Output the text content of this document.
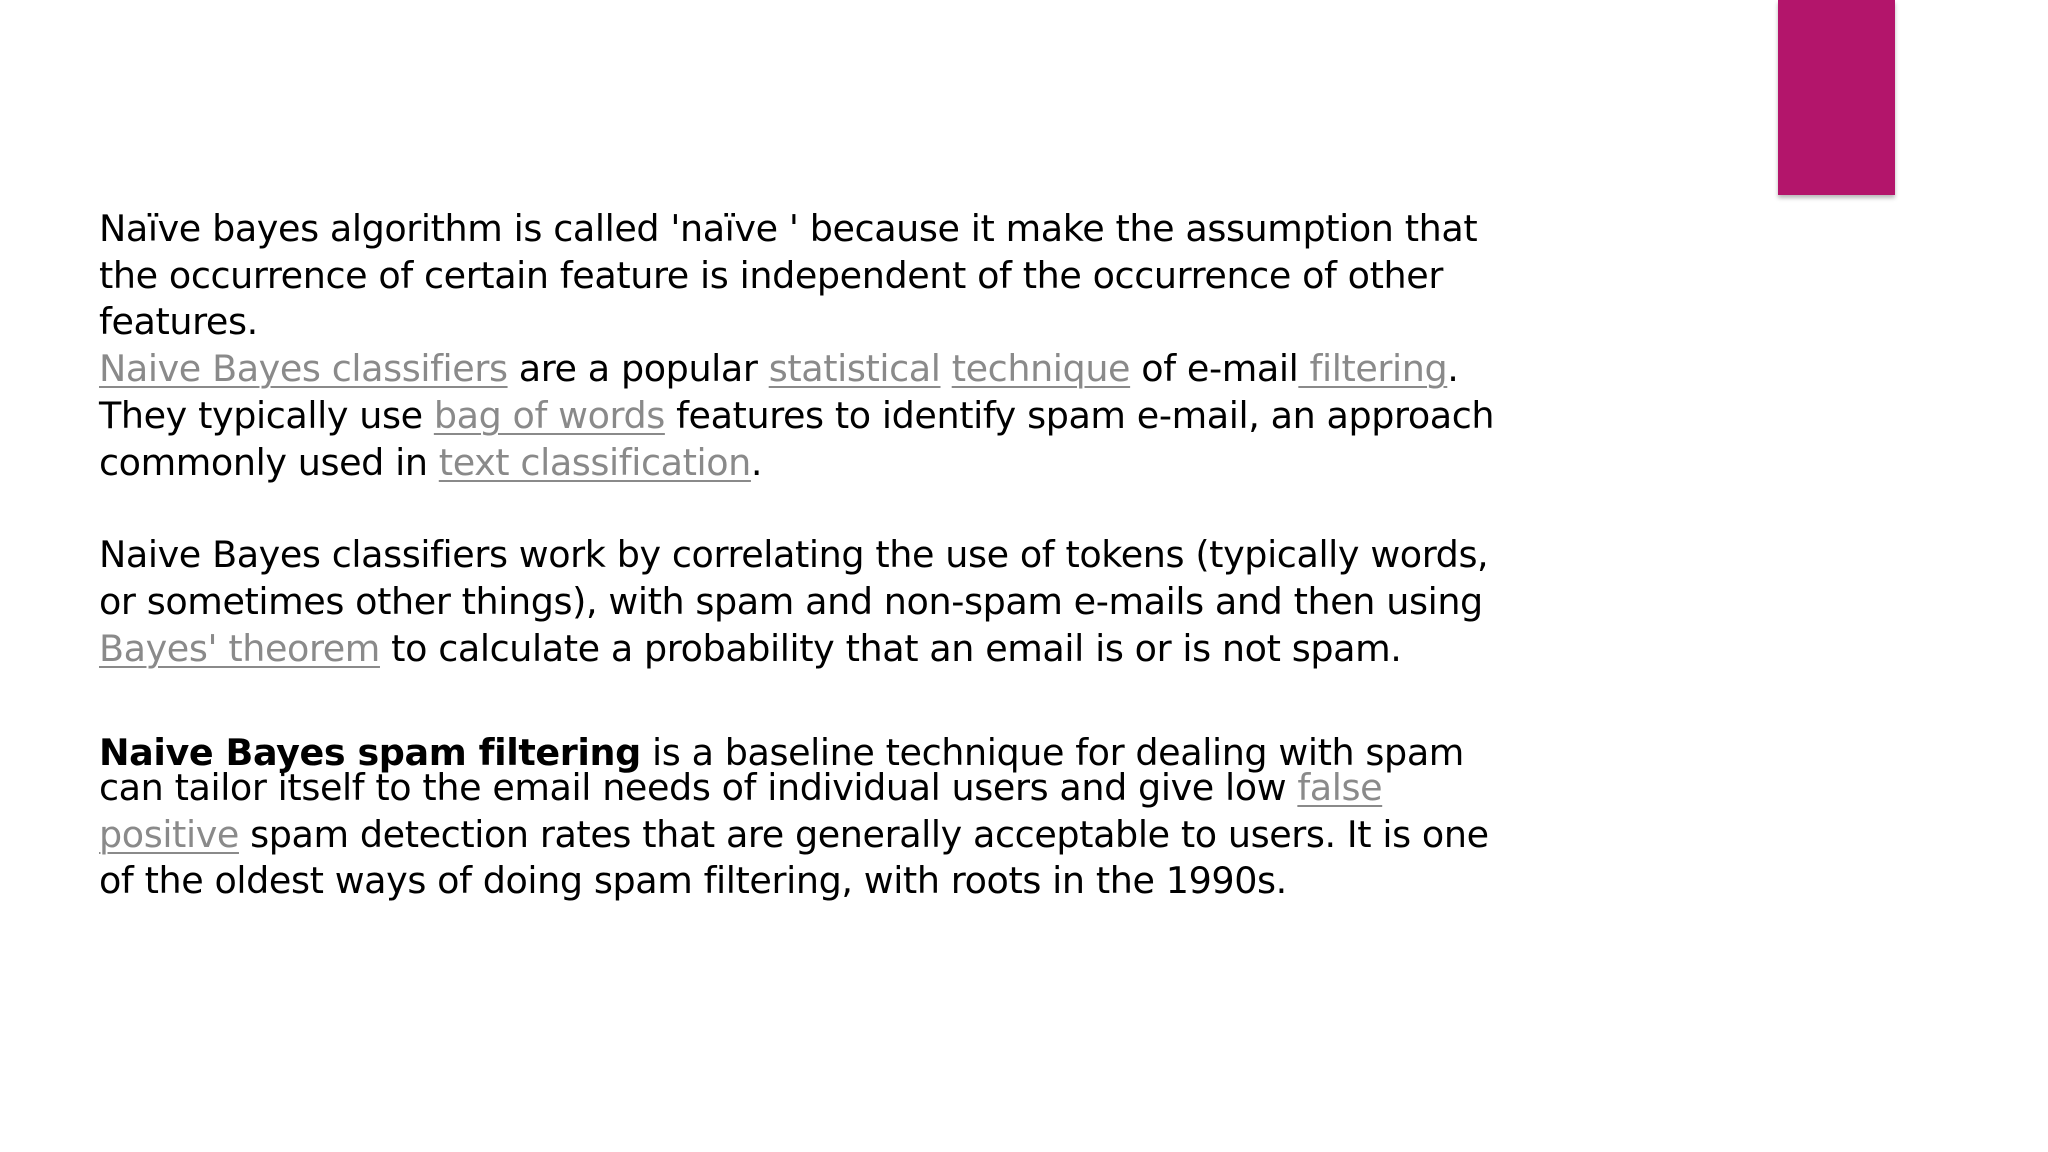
Naïve bayes algorithm is called 'naïve ' because it make the assumption that
the occurrence of certain feature is independent of the occurrence of other
features.

Naive Bayes classifiers are a popular statistical technique of e-mail filtering.
They typically use bag of words features to identify spam e-mail, an approach
commonly used in text classification.

Naive Bayes classifiers work by correlating the use of tokens (typically words,
or sometimes other things), with spam and non-spam e-mails and then using
Bayes' theorem to calculate a probability that an email is or is not spam.

Naive Bayes spam filtering is a baseline technique for dealing with spam
can tailor itself to the email needs of individual users and give low false
positive spam detection rates that are generally acceptable to users. It is one
of the oldest ways of doing spam filtering, with roots in the 1990s.
